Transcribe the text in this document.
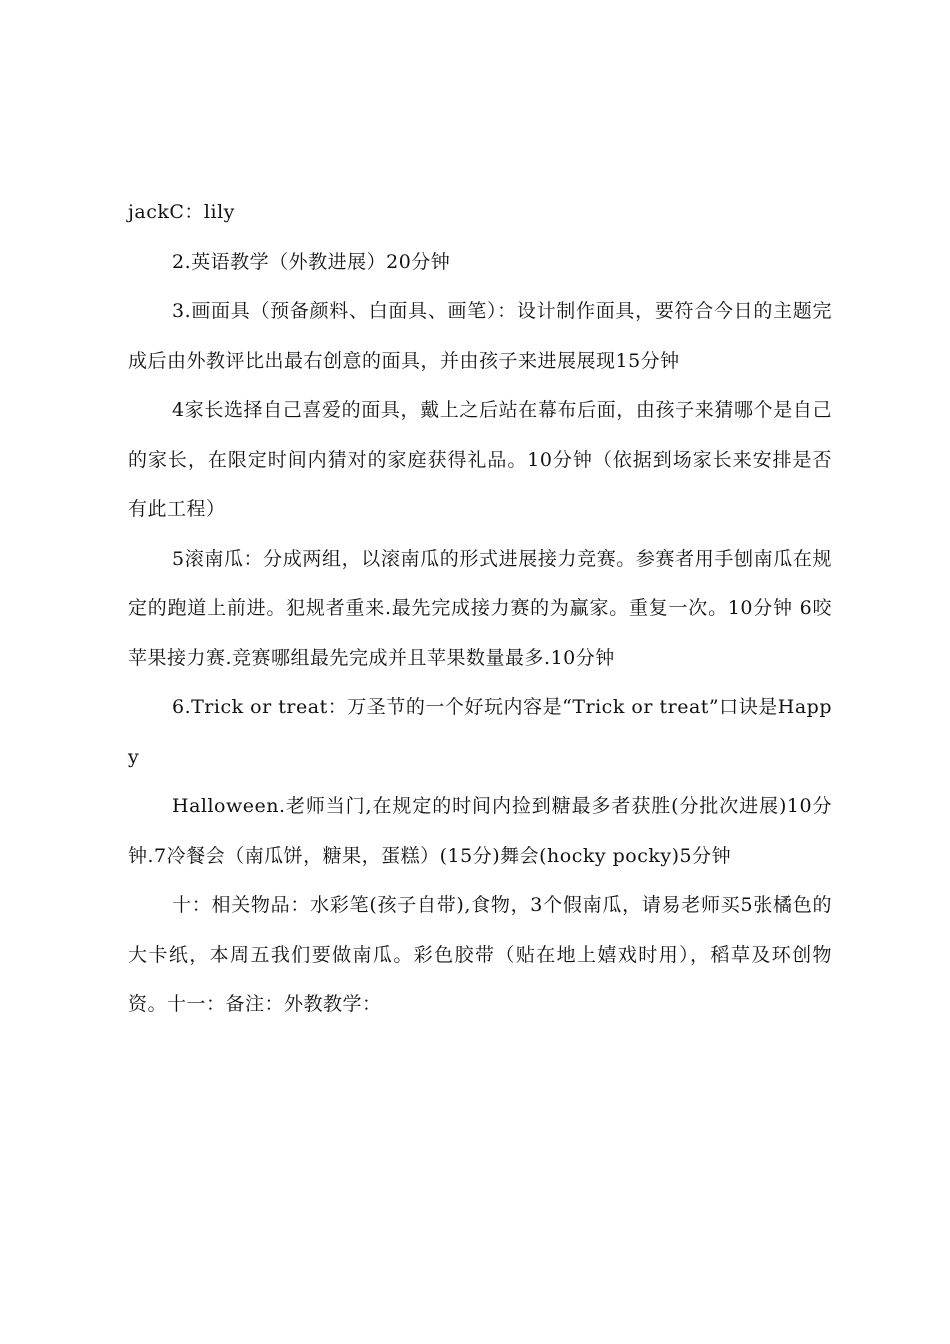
jackC：lily

2.英语教学（外教进展）20分钟

3.画面具（预备颜料、白面具、画笔）：设计制作面具，要符合今日的主题完成后由外教评比出最右创意的面具，并由孩子来进展展现15分钟

4家长选择自己喜爱的面具，戴上之后站在幕布后面，由孩子来猜哪个是自己的家长，在限定时间内猜对的家庭获得礼品。10分钟（依据到场家长来安排是否有此工程）

5滚南瓜：分成两组，以滚南瓜的形式进展接力竞赛。参赛者用手刨南瓜在规定的跑道上前进。犯规者重来.最先完成接力赛的为赢家。重复一次。10分钟 6咬苹果接力赛.竞赛哪组最先完成并且苹果数量最多.10分钟

6.Trick or treat：万圣节的一个好玩内容是“Trick or treat”口诀是Happy

Halloween.老师当门,在规定的时间内捡到糖最多者获胜(分批次进展)10分钟.7冷餐会（南瓜饼，糖果，蛋糕）(15分)舞会(hocky pocky)5分钟

十：相关物品：水彩笔(孩子自带),食物，3个假南瓜，请易老师买5张橘色的大卡纸，本周五我们要做南瓜。彩色胶带（贴在地上嬉戏时用），稻草及环创物资。十一：备注：外教教学：
